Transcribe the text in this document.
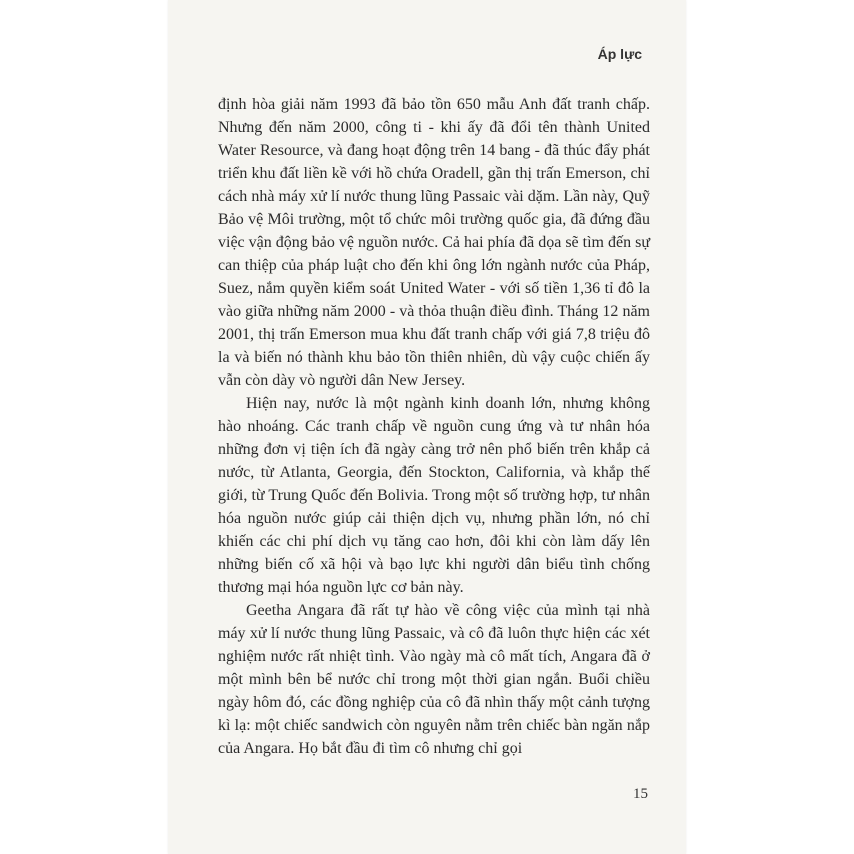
Áp lực

định hòa giải năm 1993 đã bảo tồn 650 mẫu Anh đất tranh chấp. Nhưng đến năm 2000, công ti - khi ấy đã đổi tên thành United Water Resource, và đang hoạt động trên 14 bang - đã thúc đẩy phát triển khu đất liền kề với hồ chứa Oradell, gần thị trấn Emerson, chỉ cách nhà máy xử lí nước thung lũng Passaic vài dặm. Lần này, Quỹ Bảo vệ Môi trường, một tổ chức môi trường quốc gia, đã đứng đầu việc vận động bảo vệ nguồn nước. Cả hai phía đã dọa sẽ tìm đến sự can thiệp của pháp luật cho đến khi ông lớn ngành nước của Pháp, Suez, nắm quyền kiểm soát United Water - với số tiền 1,36 tỉ đô la vào giữa những năm 2000 - và thỏa thuận điều đình. Tháng 12 năm 2001, thị trấn Emerson mua khu đất tranh chấp với giá 7,8 triệu đô la và biến nó thành khu bảo tồn thiên nhiên, dù vậy cuộc chiến ấy vẫn còn dày vò người dân New Jersey.

Hiện nay, nước là một ngành kinh doanh lớn, nhưng không hào nhoáng. Các tranh chấp về nguồn cung ứng và tư nhân hóa những đơn vị tiện ích đã ngày càng trở nên phổ biến trên khắp cả nước, từ Atlanta, Georgia, đến Stockton, California, và khắp thế giới, từ Trung Quốc đến Bolivia. Trong một số trường hợp, tư nhân hóa nguồn nước giúp cải thiện dịch vụ, nhưng phần lớn, nó chỉ khiến các chi phí dịch vụ tăng cao hơn, đôi khi còn làm dấy lên những biến cố xã hội và bạo lực khi người dân biểu tình chống thương mại hóa nguồn lực cơ bản này.

Geetha Angara đã rất tự hào về công việc của mình tại nhà máy xử lí nước thung lũng Passaic, và cô đã luôn thực hiện các xét nghiệm nước rất nhiệt tình. Vào ngày mà cô mất tích, Angara đã ở một mình bên bể nước chỉ trong một thời gian ngắn. Buổi chiều ngày hôm đó, các đồng nghiệp của cô đã nhìn thấy một cảnh tượng kì lạ: một chiếc sandwich còn nguyên nằm trên chiếc bàn ngăn nắp của Angara. Họ bắt đầu đi tìm cô nhưng chỉ gọi

15
